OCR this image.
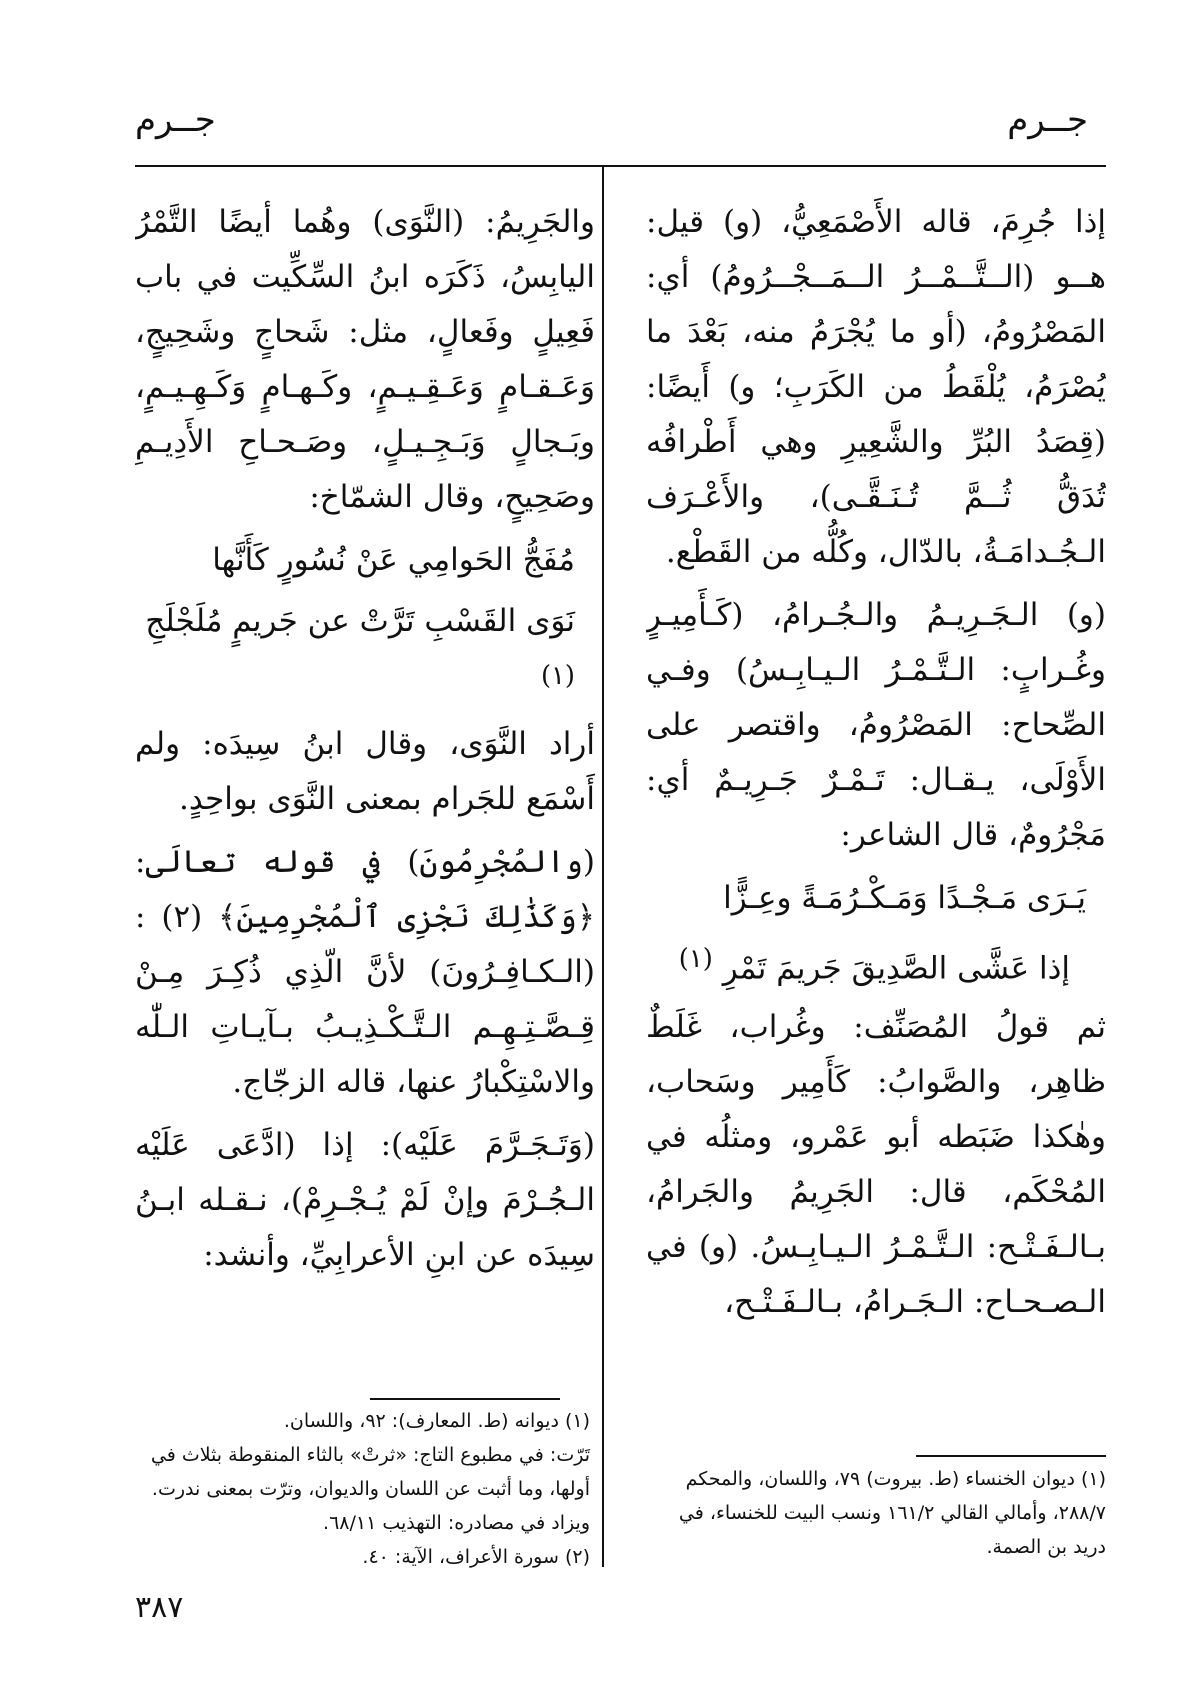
جــرم
جــرم

إذا جُرِمَ، قاله الأَصْمَعِيُّ، (و) قيل: هــو (الــتَّــمْــرُ الــمَــجْــرُومُ) أي: المَصْرُومُ، (أو ما يُجْرَمُ منه، بَعْدَ ما يُصْرَمُ، يُلْقَطُ من الكَرَبِ؛ و) أَيضًا: (قِصَدُ البُرِّ والشَّعِيرِ وهي أَطْرافُه تُدَقُّ ثُــمَّ تُـنَـقَّـى)، والأَعْـرَف الـجُـدامَـةُ، بالدّال، وكُلُّه من القَطْع.

(و) الـجَـرِيـمُ والـجُـرامُ، (كَـأَمِيـرٍ وغُـرابٍ: الـتَّـمْـرُ الـيـابِـسُ) وفـي الصِّحاح: المَصْرُومُ، واقتصر على الأَوْلَى، يـقـال: تَـمْـرٌ جَـرِيـمٌ أي: مَجْرُومٌ، قال الشاعر:

يَـرَى مَـجْـدًا وَمَـكْـرُمَـةً وعِـزًّا
إذا عَشَّى الصَّدِيقَ جَريمَ تَمْرِ $^{(١)}$

ثم قولُ المُصَنِّف: وغُراب، غَلَطٌ ظاهِر، والصَّوابُ: كَأَمِير وسَحاب، وهٰكذا ضَبَطه أبو عَمْرو، ومثلُه في المُحْكَم، قال: الجَرِيمُ والجَرامُ، بـالـفَـتْـح: الـتَّـمْـرُ الـيـابِـسُ. (و) في الـصـحـاح: الـجَـرامُ، بـالـفَـتْـح،

والجَرِيمُ: (النَّوَى) وهُما أيضًا التَّمْرُ اليابِسُ، ذَكَرَه ابنُ السِّكِّيت في باب فَعِيلٍ وفَعالٍ، مثل: شَحاجٍ وشَحِيجٍ، وَعَـقـامٍ وَعَـقِـيـمٍ، وكَـهـامٍ وَكَـهِـيـمٍ، وبَـجالٍ وَبَـجِـيـلٍ، وصَـحـاحِ الأَدِيـمِ وصَحِيحٍ، وقال الشمّاخ:

مُفَجُّ الحَوامِي عَنْ نُسُورٍ كَأَنَّها
نَوَى القَسْبِ تَرَّتْ عن جَريمٍ مُلَجْلَجِ $^{(١)}$

أراد النَّوَى، وقال ابنُ سِيدَه: ولم أَسْمَع للجَرام بمعنى النَّوَى بواحِدٍ.

(والمُجْرِمُونَ) في قوله تعالَى: ﴿وَكَذَٰلِكَ نَجْزِى ٱلْمُجْرِمِينَ﴾ (٢) : (الـكـافِـرُونَ) لأنَّ الّذِي ذُكِـرَ مِـنْ قِـصَّـتِـهِـم الـتَّـكْـذِيـبُ بـآيـاتِ الـلّٰه والاسْتِكْبارُ عنها، قاله الزجّاج.

(وَتَـجَـرَّمَ عَلَيْه): إذا (ادَّعَى عَلَيْه الـجُـرْمَ وإنْ لَمْ يُـجْـرِمْ)، نـقـله ابـنُ سِيدَه عن ابنِ الأعرابِيِّ، وأنشد:

(١) ديوان الخنساء (ط. بيروت) ٧٩، واللسان، والمحكم ٢٨٨/٧، وأمالي القالي ١٦١/٢ ونسب البيت للخنساء، في دريد بن الصمة.

(١) ديوانه (ط. المعارف): ٩٢، واللسان.

تَرّت: في مطبوع التاج: «ثرتْ» بالثاء المنقوطة بثلاث في أولها، وما أثبت عن اللسان والديوان، وترّت بمعنى ندرت. ويزاد في مصادره: التهذيب ٦٨/١١.

(٢) سورة الأعراف، الآية: ٤٠.

٣٨٧
